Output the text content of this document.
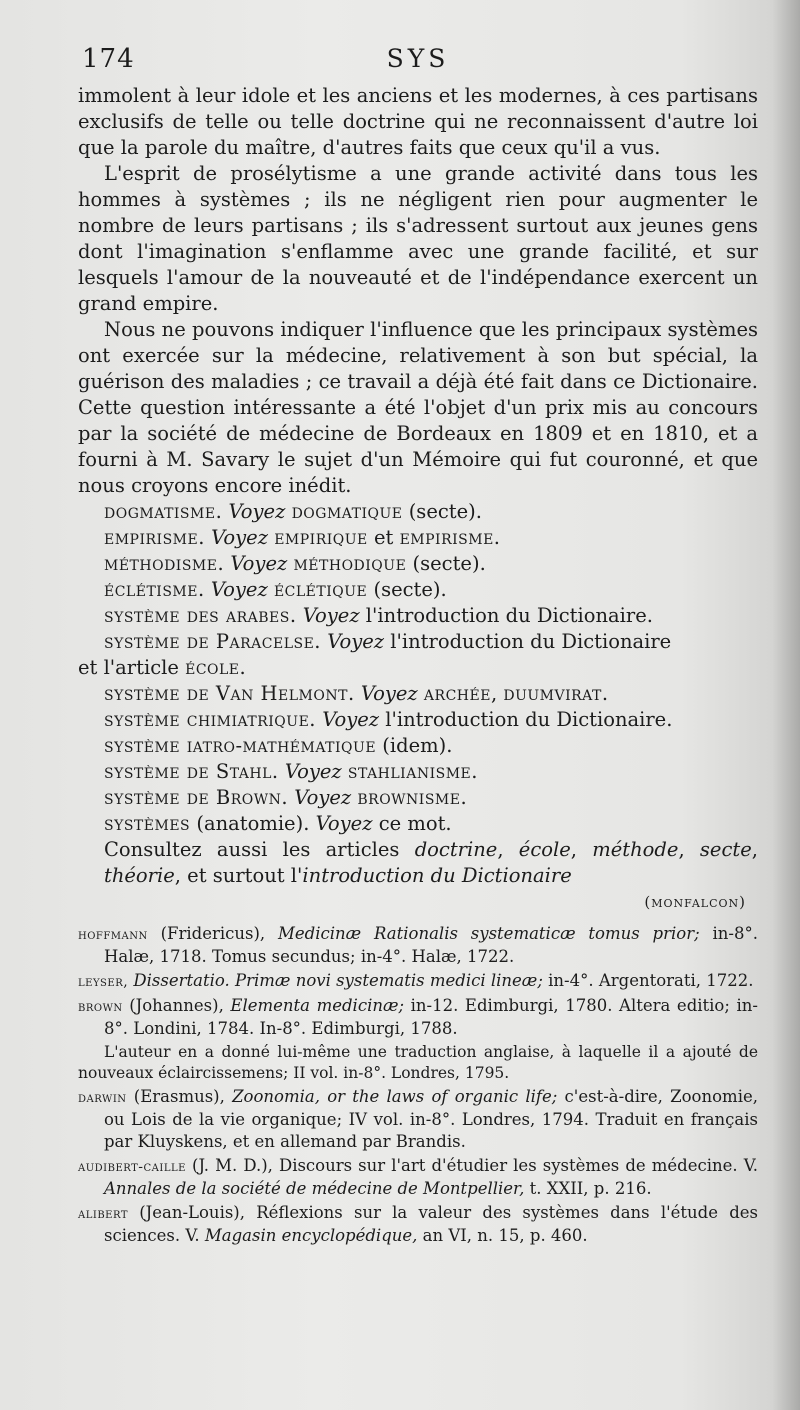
174	SYS

immolent à leur idole et les anciens et les modernes, à ces partisans exclusifs de telle ou telle doctrine qui ne reconnaissent d'autre loi que la parole du maître, d'autres faits que ceux qu'il a vus.

L'esprit de prosélytisme a une grande activité dans tous les hommes à systèmes ; ils ne négligent rien pour augmenter le nombre de leurs partisans ; ils s'adressent surtout aux jeunes gens dont l'imagination s'enflamme avec une grande facilité, et sur lesquels l'amour de la nouveauté et de l'indépendance exercent un grand empire.

Nous ne pouvons indiquer l'influence que les principaux systèmes ont exercée sur la médecine, relativement à son but spécial, la guérison des maladies ; ce travail a déjà été fait dans ce Dictionaire. Cette question intéressante a été l'objet d'un prix mis au concours par la société de médecine de Bordeaux en 1809 et en 1810, et a fourni à M. Savary le sujet d'un Mémoire qui fut couronné, et que nous croyons encore inédit.

dogmatisme. Voyez dogmatique (secte).

empirisme. Voyez empirique et empirisme.

méthodisme. Voyez méthodique (secte).

éclétisme. Voyez éclétique (secte).

système des arabes. Voyez l'introduction du Dictionaire.

système de Paracelse. Voyez l'introduction du Dictionaire

et l'article école.

système de Van Helmont. Voyez archée, duumvirat.

système chimiatrique. Voyez l'introduction du Dictionaire.

système iatro-mathématique (idem).

système de Stahl. Voyez stahlianisme.

système de Brown. Voyez brownisme.

systèmes (anatomie). Voyez ce mot.

Consultez aussi les articles doctrine, école, méthode, secte, théorie, et surtout l'introduction du Dictionaire

(monfalcon)

hoffmann (Fridericus), Medicinæ Rationalis systematicæ tomus prior; in-8°. Halæ, 1718. Tomus secundus; in-4°. Halæ, 1722.

leyser, Dissertatio. Primæ novi systematis medici lineæ; in-4°. Argentorati, 1722.

brown (Johannes), Elementa medicinæ; in-12. Edimburgi, 1780. Altera editio; in-8°. Londini, 1784. In-8°. Edimburgi, 1788.

L'auteur en a donné lui-même une traduction anglaise, à laquelle il a ajouté de nouveaux éclaircissemens; II vol. in-8°. Londres, 1795.

darwin (Erasmus), Zoonomia, or the laws of organic life; c'est-à-dire, Zoonomie, ou Lois de la vie organique; IV vol. in-8°. Londres, 1794. Traduit en français par Kluyskens, et en allemand par Brandis.

audibert-caille (J. M. D.), Discours sur l'art d'étudier les systèmes de médecine. V. Annales de la société de médecine de Montpellier, t. XXII, p. 216.

alibert (Jean-Louis), Réflexions sur la valeur des systèmes dans l'étude des sciences. V. Magasin encyclopédique, an VI, n. 15, p. 460.
